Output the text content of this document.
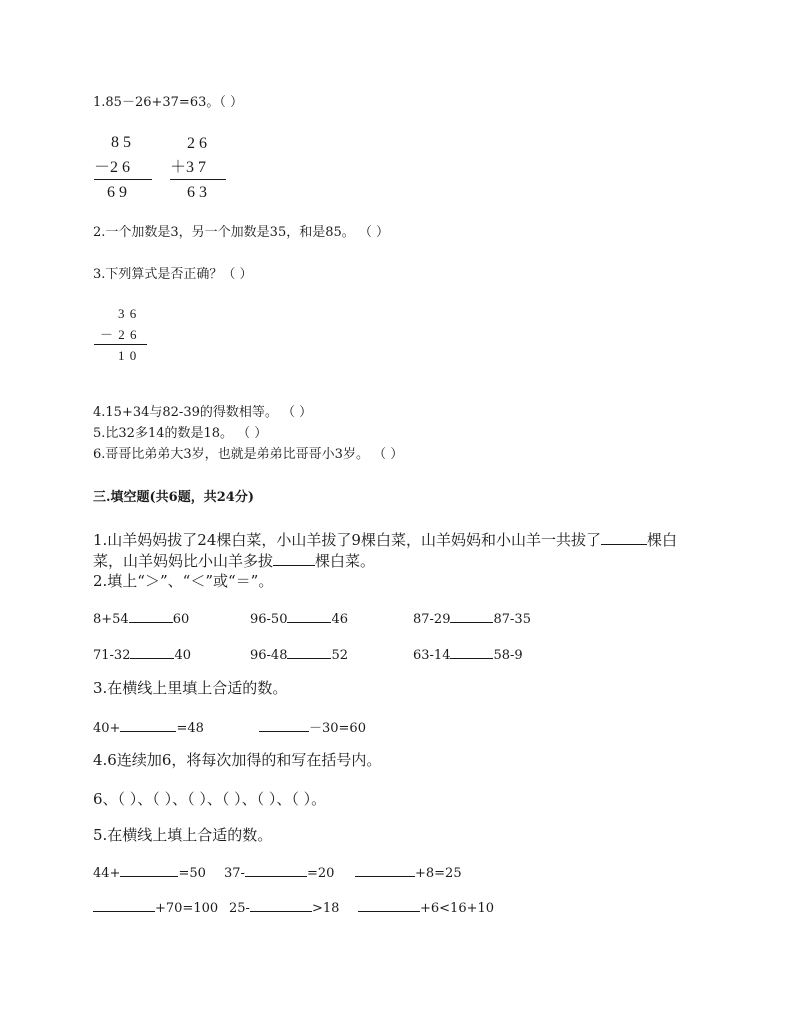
1.85－26+37=63。（ ）
8 5
－2 6
6 9
2 6
＋3 7
6 3
2.一个加数是3，另一个加数是35，和是85。 （ ）
3.下列算式是否正确？（ ）
3 6
－ 2 6
1 0
4.15+34与82-39的得数相等。 （ ）
5.比32多14的数是18。 （ ）
6.哥哥比弟弟大3岁，也就是弟弟比哥哥小3岁。 （ ）
三.填空题(共6题，共24分)
1.山羊妈妈拔了24棵白菜，小山羊拔了9棵白菜，山羊妈妈和小山羊一共拔了	棵白
菜，山羊妈妈比小山羊多拔	棵白菜。
2.填上“＞”、“＜”或“＝”。
8+54	60	96-50	46	87-29	87-35
71-32	40	96-48	52	63-14	58-9
3.在横线上里填上合适的数。
40+	=48	－30=60
4.6连续加6，将每次加得的和写在括号内。
6、（ ）、（ ）、（ ）、（ ）、（ ）、（ ）。
5.在横线上填上合适的数。
44+	=50 37-	=20	+8=25
+70=100 25-	>18	+6<16+10
